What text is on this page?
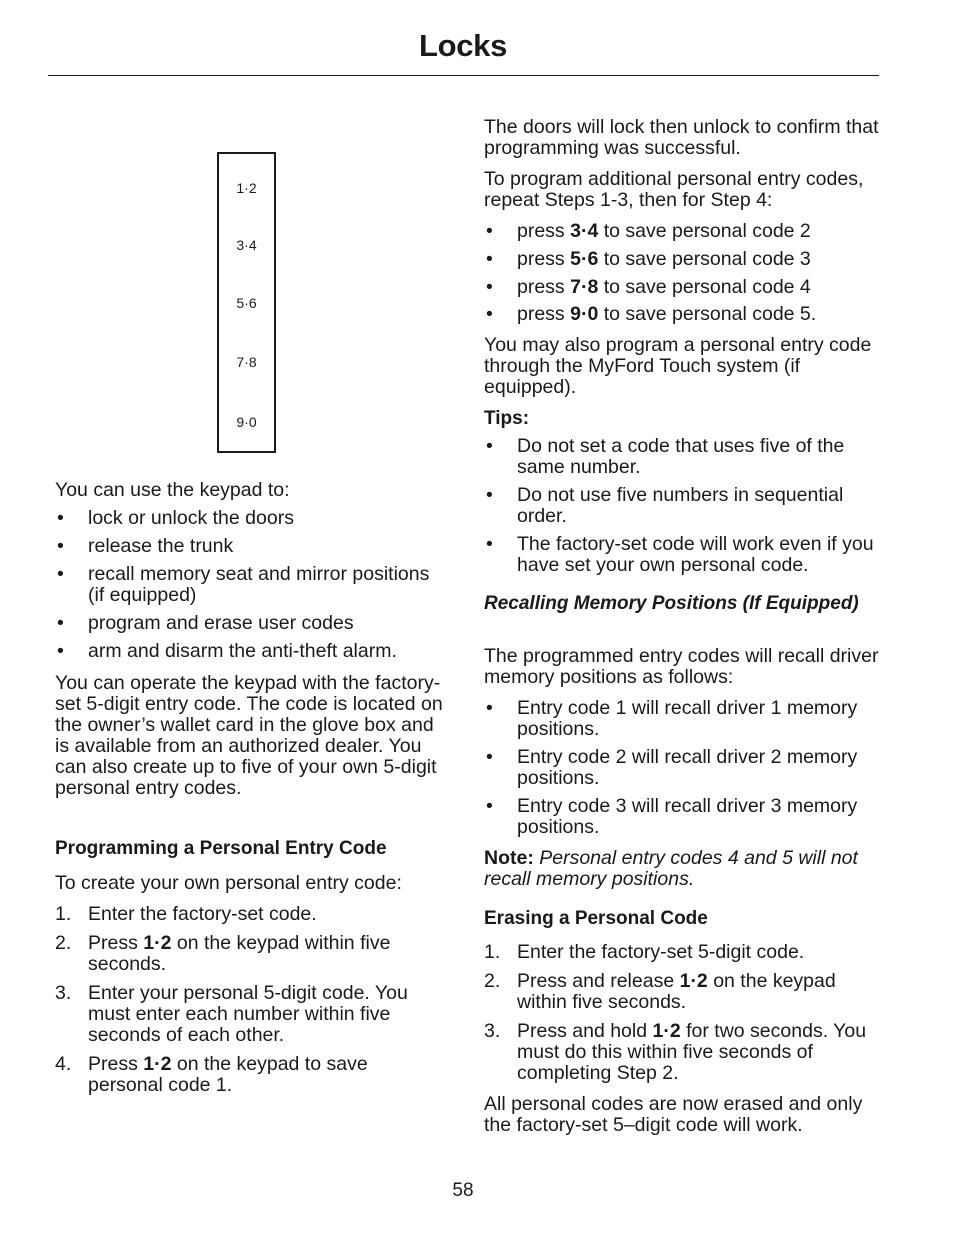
Locks
1·2
3·4
5·6
7·8
9·0

You can use the keypad to:

• lock or unlock the doors
• release the trunk
• recall memory seat and mirror positions (if equipped)
• program and erase user codes
• arm and disarm the anti-theft alarm.

You can operate the keypad with the factory-set 5-digit entry code. The code is located on the owner’s wallet card in the glove box and is available from an authorized dealer. You can also create up to five of your own 5-digit personal entry codes.

Programming a Personal Entry Code

To create your own personal entry code:

1. Enter the factory-set code.
2. Press 1·2 on the keypad within five seconds.
3. Enter your personal 5-digit code. You must enter each number within five seconds of each other.
4. Press 1·2 on the keypad to save personal code 1.

The doors will lock then unlock to confirm that programming was successful.

To program additional personal entry codes, repeat Steps 1-3, then for Step 4:

• press 3·4 to save personal code 2
• press 5·6 to save personal code 3
• press 7·8 to save personal code 4
• press 9·0 to save personal code 5.

You may also program a personal entry code through the MyFord Touch system (if equipped).

Tips:
• Do not set a code that uses five of the same number.
• Do not use five numbers in sequential order.
• The factory-set code will work even if you have set your own personal code.
Recalling Memory Positions (If Equipped)

The programmed entry codes will recall driver memory positions as follows:

• Entry code 1 will recall driver 1 memory positions.
• Entry code 2 will recall driver 2 memory positions.
• Entry code 3 will recall driver 3 memory positions.

Note: Personal entry codes 4 and 5 will not recall memory positions.

Erasing a Personal Code
1. Enter the factory-set 5-digit code.
2. Press and release 1·2 on the keypad within five seconds.
3. Press and hold 1·2 for two seconds. You must do this within five seconds of completing Step 2.

All personal codes are now erased and only the factory-set 5–digit code will work.

58
